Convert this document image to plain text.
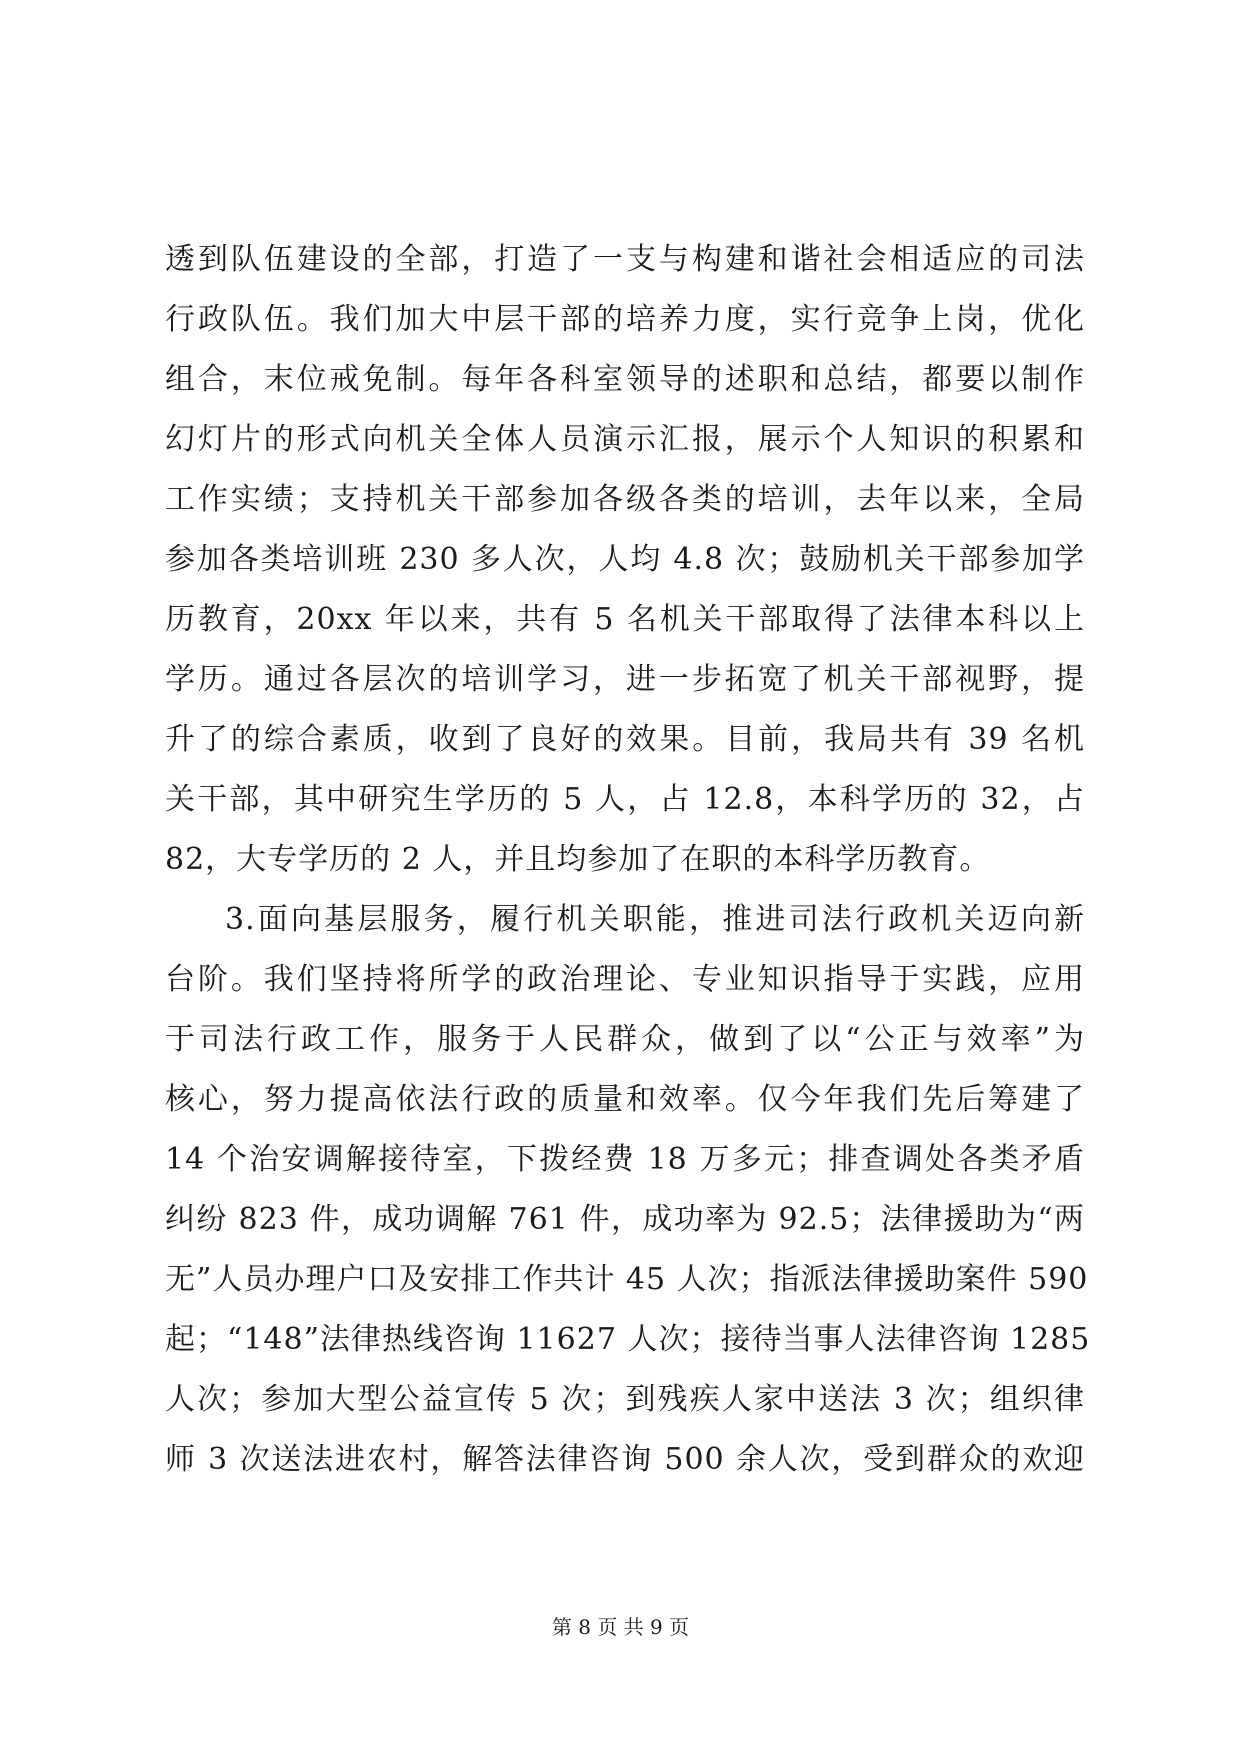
透到队伍建设的全部，打造了一支与构建和谐社会相适应的司法
行政队伍。我们加大中层干部的培养力度，实行竞争上岗，优化
组合，末位戒免制。每年各科室领导的述职和总结，都要以制作
幻灯片的形式向机关全体人员演示汇报，展示个人知识的积累和
工作实绩；支持机关干部参加各级各类的培训，去年以来，全局
参加各类培训班 230 多人次，人均 4.8 次；鼓励机关干部参加学
历教育，20xx 年以来，共有 5 名机关干部取得了法律本科以上
学历。通过各层次的培训学习，进一步拓宽了机关干部视野，提
升了的综合素质，收到了良好的效果。目前，我局共有 39 名机
关干部，其中研究生学历的 5 人，占 12.8，本科学历的 32，占
82，大专学历的 2 人，并且均参加了在职的本科学历教育。
3.面向基层服务，履行机关职能，推进司法行政机关迈向新
台阶。我们坚持将所学的政治理论、专业知识指导于实践，应用
于司法行政工作，服务于人民群众，做到了以“公正与效率”为
核心，努力提高依法行政的质量和效率。仅今年我们先后筹建了
14 个治安调解接待室，下拨经费 18 万多元；排查调处各类矛盾
纠纷 823 件，成功调解 761 件，成功率为 92.5；法律援助为“两
无”人员办理户口及安排工作共计 45 人次；指派法律援助案件 590
起；“148”法律热线咨询 11627 人次；接待当事人法律咨询 1285
人次；参加大型公益宣传 5 次；到残疾人家中送法 3 次；组织律
师 3 次送法进农村，解答法律咨询 500 余人次，受到群众的欢迎
第 8 页 共 9 页
